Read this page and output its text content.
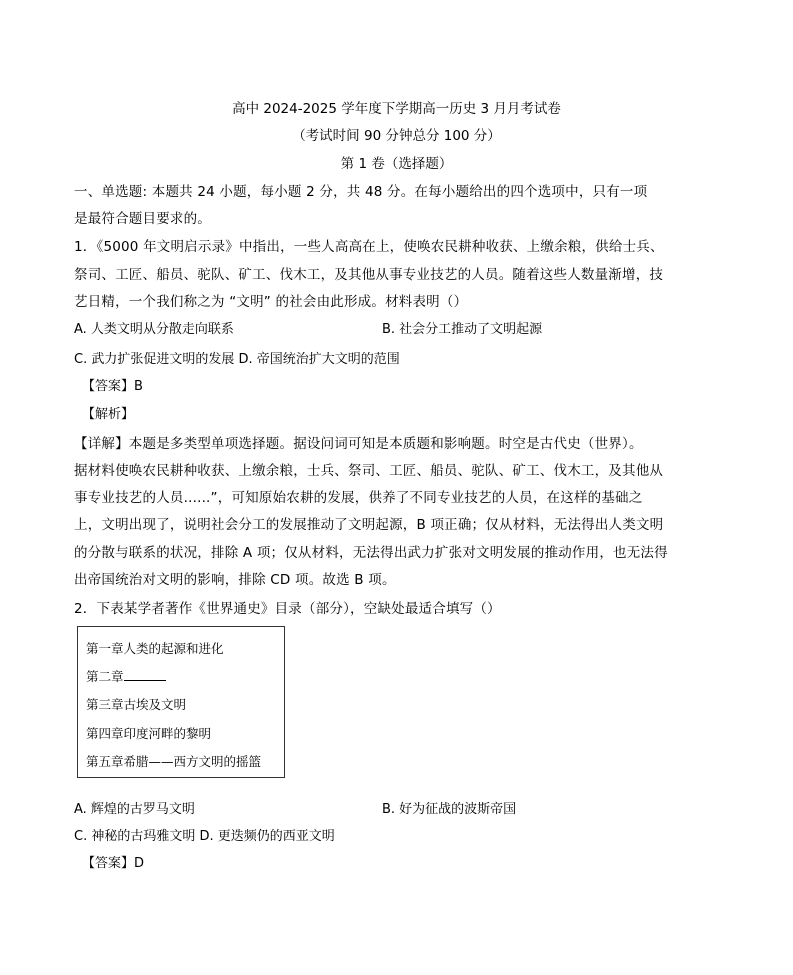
高中 2024-2025 学年度下学期高一历史 3 月月考试卷
（考试时间 90 分钟总分 100 分）
第 1 卷（选择题）
一、单选题: 本题共 24 小题，每小题 2 分，共 48 分。在每小题给出的四个选项中，只有一项
是最符合题目要求的。
1．《5000 年文明启示录》中指出，一些人高高在上，使唤农民耕种收获、上缴余粮，供给士兵、
祭司、工匠、船员、驼队、矿工、伐木工，及其他从事专业技艺的人员。随着这些人数量渐增，技
艺日精，一个我们称之为 “文明” 的社会由此形成。材料表明（）
A. 人类文明从分散走向联系	B. 社会分工推动了文明起源
C. 武力扩张促进文明的发展 D. 帝国统治扩大文明的范围
【答案】B
【解析】
【详解】本题是多类型单项选择题。据设问词可知是本质题和影响题。时空是古代史（世界）。
据材料使唤农民耕种收获、上缴余粮，士兵、祭司、工匠、船员、驼队、矿工、伐木工，及其他从
事专业技艺的人员......”，可知原始农耕的发展，供养了不同专业技艺的人员，在这样的基础之
上，文明出现了，说明社会分工的发展推动了文明起源，B 项正确；仅从材料，无法得出人类文明
的分散与联系的状况，排除 A 项；仅从材料，无法得出武力扩张对文明发展的推动作用，也无法得
出帝国统治对文明的影响，排除 CD 项。故选 B 项。
2．下表某学者著作《世界通史》目录（部分），空缺处最适合填写（）
第一章人类的起源和进化
第二章
第三章古埃及文明
第四章印度河畔的黎明
第五章希腊——西方文明的摇篮
A. 辉煌的古罗马文明	B. 好为征战的波斯帝国
C. 神秘的古玛雅文明 D. 更迭频仍的西亚文明
【答案】D
